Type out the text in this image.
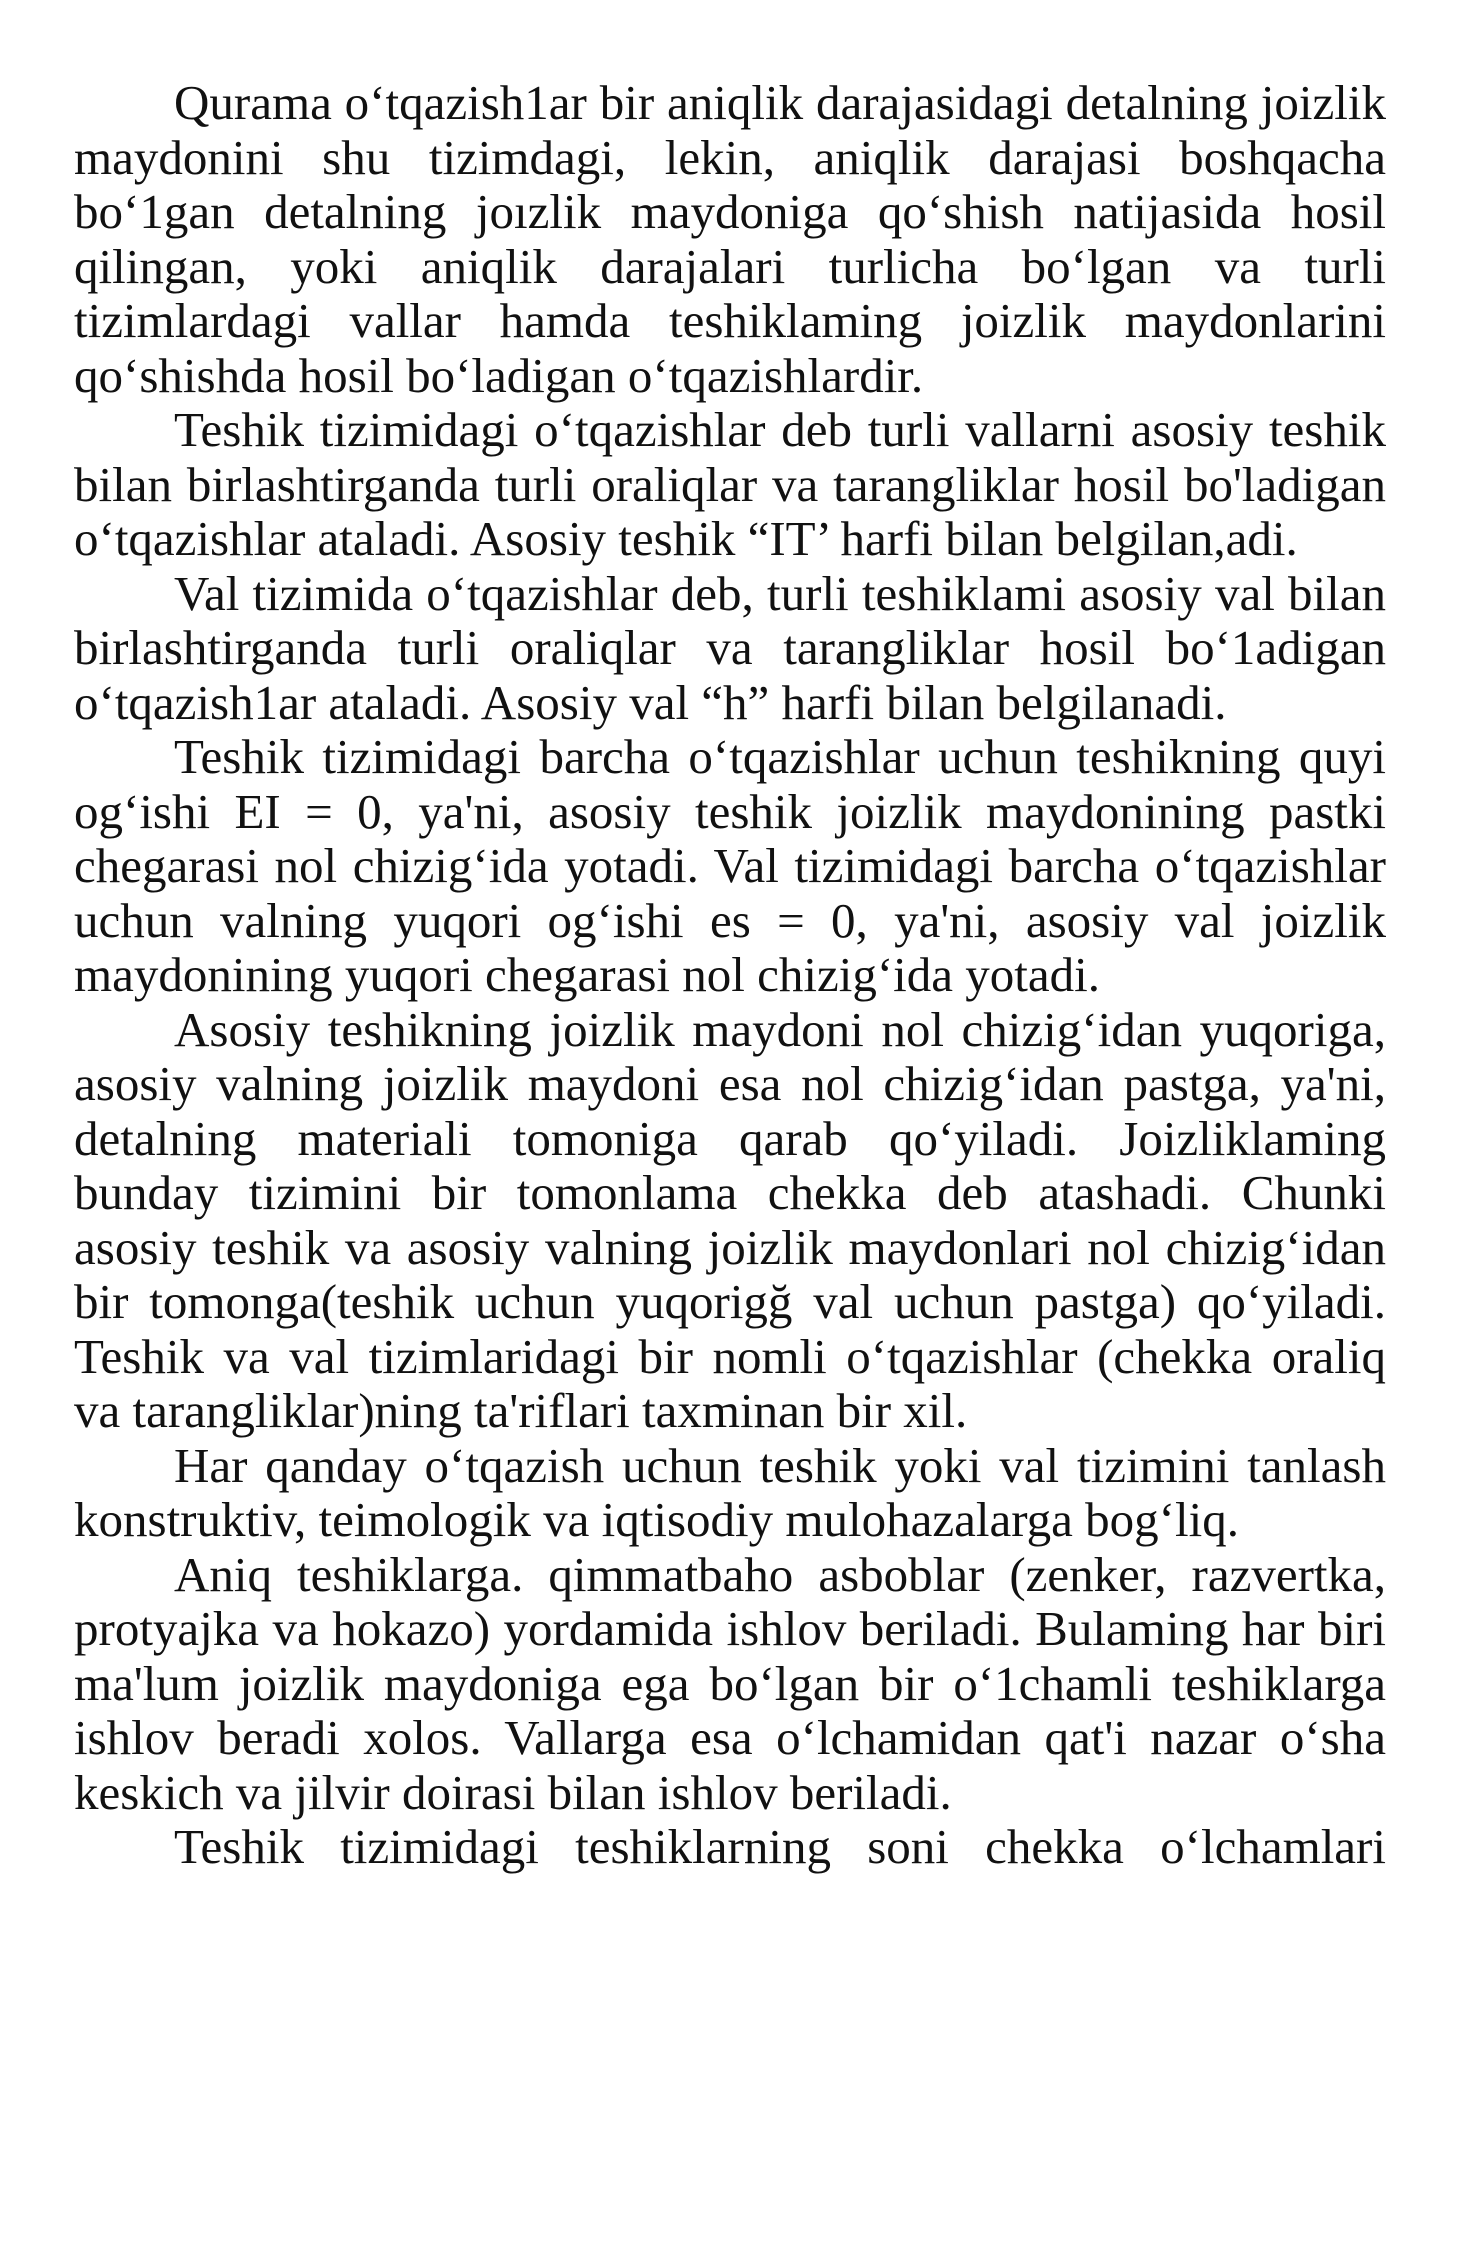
Qurama o‘tqazish1ar bir aniqlik darajasidagi detalning joizlik maydonini shu tizimdagi, lekin, aniqlik darajasi boshqacha bo‘1gan detalning joızlik maydoniga qo‘shish natijasida hosil qilingan, yoki aniqlik darajalari turlicha bo‘lgan va turli tizimlardagi vallar hamda teshiklaming joizlik maydonlarini qo‘shishda hosil bo‘ladigan o‘tqazishlardir.

Teshik tizimidagi o‘tqazishlar deb turli vallarni asosiy teshik bilan birlashtirganda turli oraliqlar va tarangliklar hosil bo'ladigan o‘tqazishlar ataladi. Asosiy teshik “IT’ harfi bilan belgilan,adi.

Val tizimida o‘tqazishlar deb, turli teshiklami asosiy val bilan birlashtirganda turli oraliqlar va tarangliklar hosil bo‘1adigan o‘tqazish1ar ataladi. Asosiy val “h” harfi bilan belgilanadi.

Teshik tizimidagi barcha o‘tqazishlar uchun teshikning quyi og‘ishi EI = 0, ya'ni, asosiy teshik joizlik maydonining pastki chegarasi nol chizig‘ida yotadi. Val tizimidagi barcha o‘tqazishlar uchun valning yuqori og‘ishi es = 0, ya'ni, asosiy val joizlik maydonining yuqori chegarasi nol chizig‘ida yotadi.

Asosiy teshikning joizlik maydoni nol chizig‘idan yuqoriga, asosiy valning joizlik maydoni esa nol chizig‘idan pastga, ya'ni, detalning materiali tomoniga qarab qo‘yiladi. Joizliklaming bunday tizimini bir tomonlama chekka deb atashadi. Chunki asosiy teshik va asosiy valning joizlik maydonlari nol chizig‘idan bir tomonga(teshik uchun yuqorigğ val uchun pastga) qo‘yiladi. Teshik va val tizimlaridagi bir nomli o‘tqazishlar (chekka oraliq va tarangliklar)ning ta'riflari taxminan bir xil.

Har qanday o‘tqazish uchun teshik yoki val tizimini tanlash konstruktiv, teimologik va iqtisodiy mulohazalarga bog‘liq.

Aniq teshiklarga. qimmatbaho asboblar (zenker, razvertka, protyajka va hokazo) yordamida ishlov beriladi. Bulaming har biri ma'lum joizlik maydoniga ega bo‘lgan bir o‘1chamli teshiklarga ishlov beradi xolos. Vallarga esa o‘lchamidan qat'i nazar o‘sha keskich va jilvir doirasi bilan ishlov beriladi.

Teshik tizimidagi teshiklarning soni chekka o‘lchamlari
